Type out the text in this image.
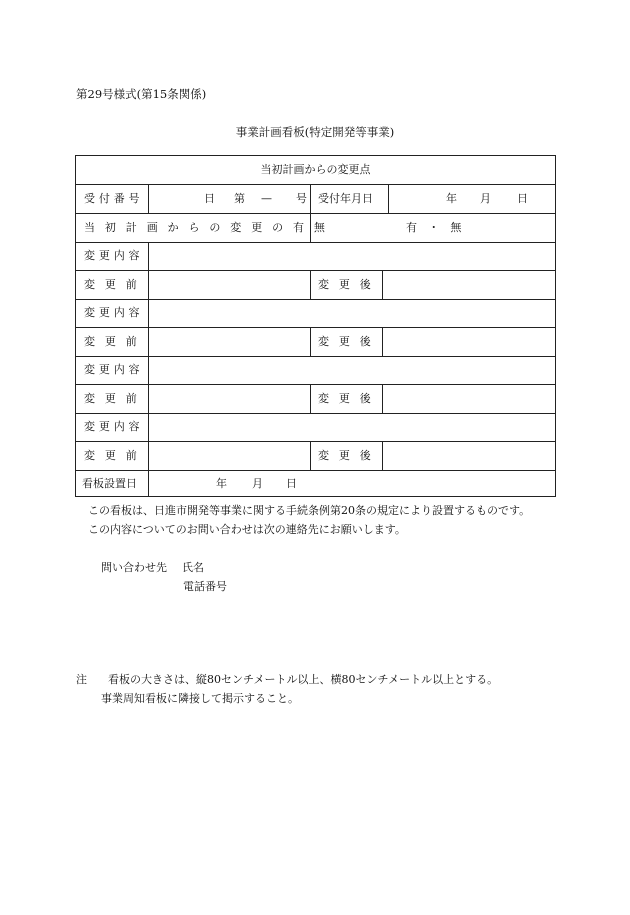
第29号様式(第15条関係)
事業計画看板(特定開発等事業)
当初計画からの変更点
受付番号	日 第 — 号 受付年月日	年 月 日
当初計画からの変更の有無	有 ・ 無
変更内容
変更前	変更後
変更内容
変更前	変更後
変更内容
変更前	変更後
変更内容
変更前	変更後
看板設置日	年 月 日
この看板は、日進市開発等事業に関する手続条例第20条の規定により設置するものです。
この内容についてのお問い合わせは次の連絡先にお願いします。
問い合わせ先 氏名
電話番号
注 看板の大きさは、縦80センチメートル以上、横80センチメートル以上とする。
事業周知看板に隣接して掲示すること。
